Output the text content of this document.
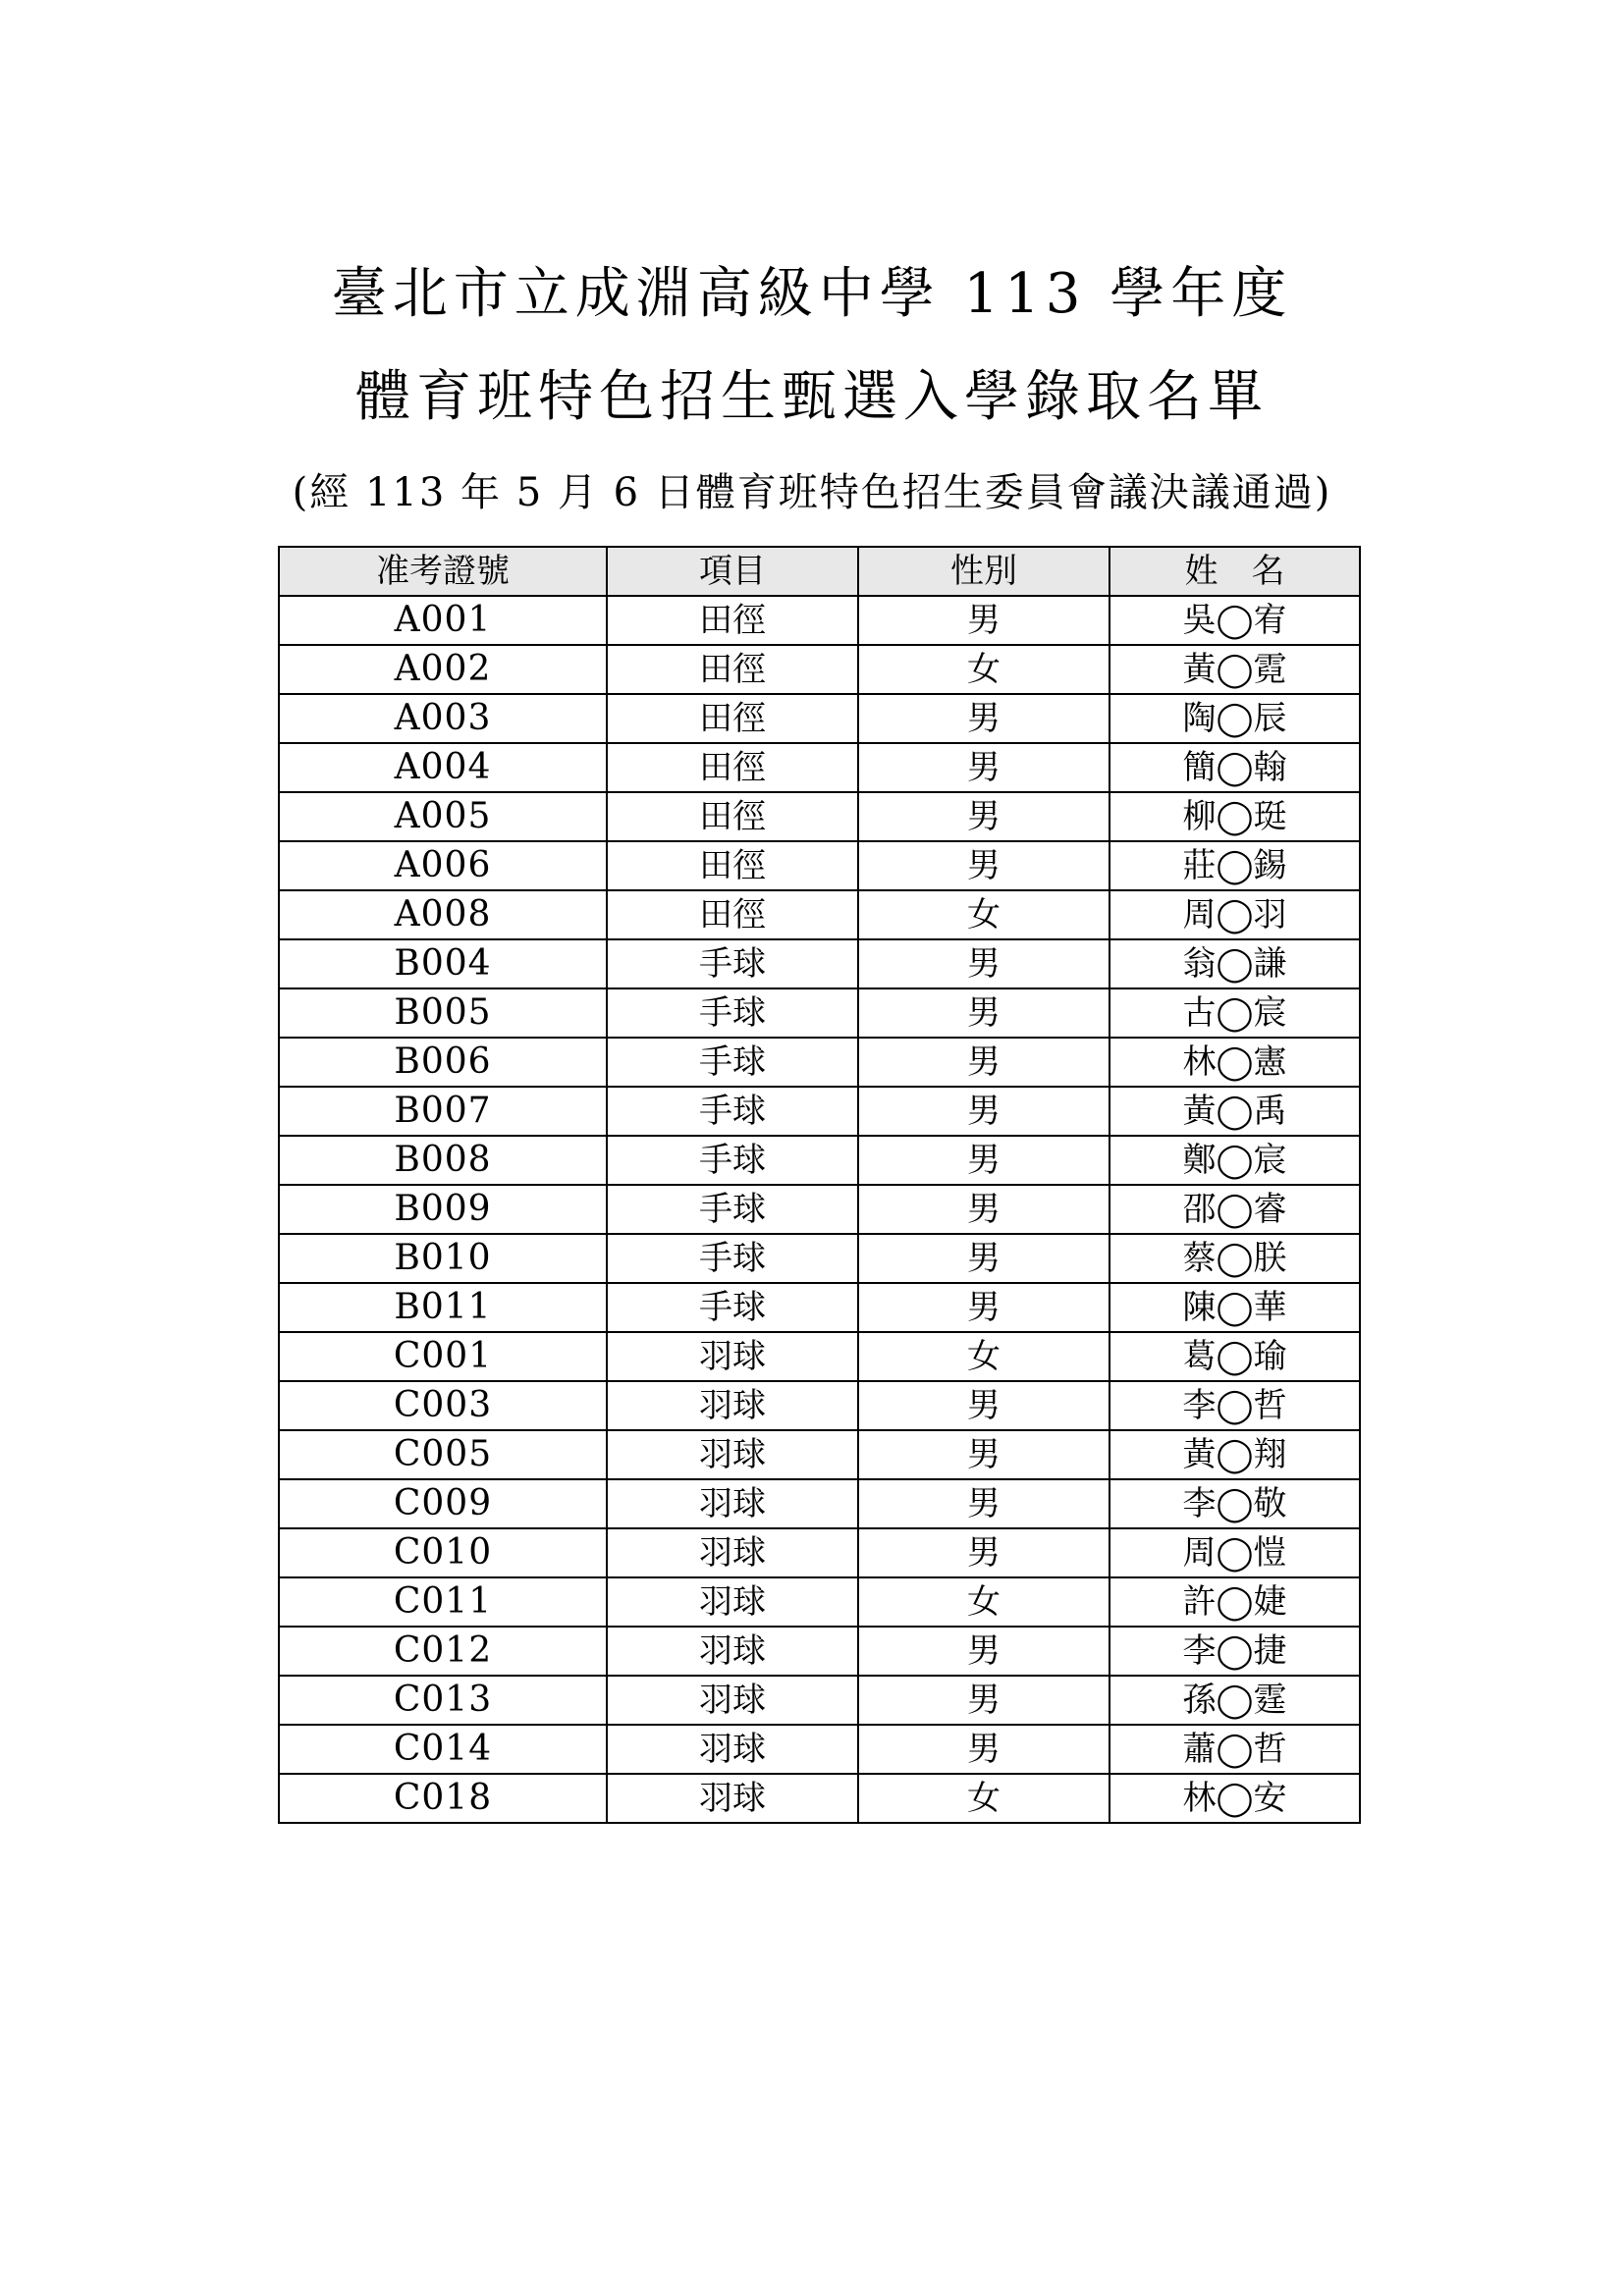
臺北市立成淵高級中學 113 學年度
體育班特色招生甄選入學錄取名單
(經 113 年 5 月 6 日體育班特色招生委員會議決議通過)
准考證號	項目	性別	姓　名
A001	田徑	男	吳◯宥
A002	田徑	女	黃◯霓
A003	田徑	男	陶◯辰
A004	田徑	男	簡◯翰
A005	田徑	男	柳◯珽
A006	田徑	男	莊◯錫
A008	田徑	女	周◯羽
B004	手球	男	翁◯謙
B005	手球	男	古◯宸
B006	手球	男	林◯憲
B007	手球	男	黃◯禹
B008	手球	男	鄭◯宸
B009	手球	男	邵◯睿
B010	手球	男	蔡◯朕
B011	手球	男	陳◯華
C001	羽球	女	葛◯瑜
C003	羽球	男	李◯哲
C005	羽球	男	黃◯翔
C009	羽球	男	李◯敬
C010	羽球	男	周◯愷
C011	羽球	女	許◯婕
C012	羽球	男	李◯捷
C013	羽球	男	孫◯霆
C014	羽球	男	蕭◯哲
C018	羽球	女	林◯安
